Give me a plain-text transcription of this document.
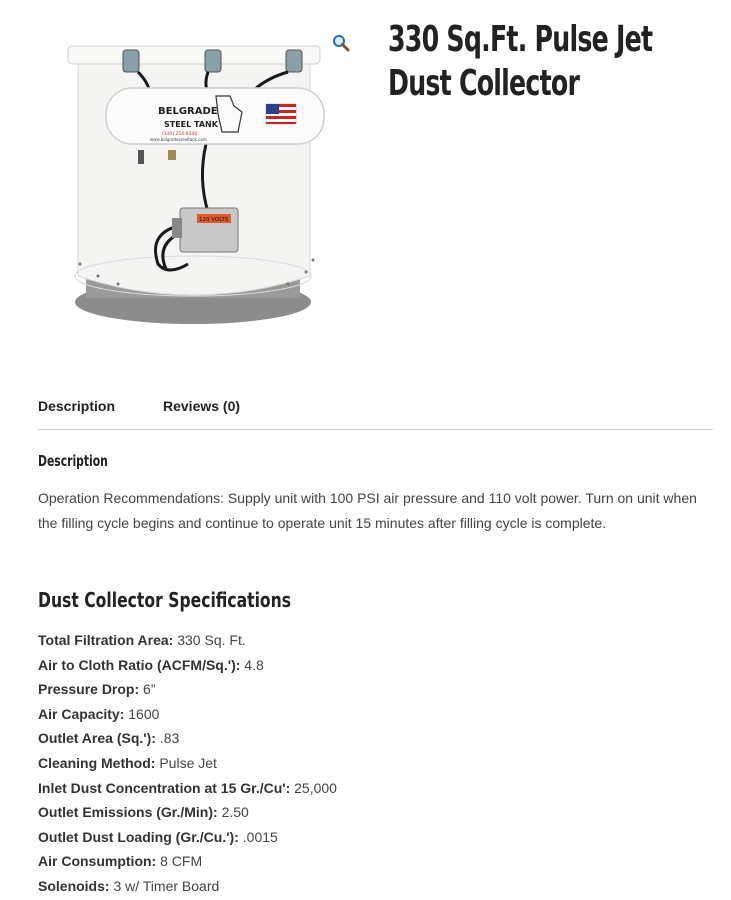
BELGRADE
STEEL TANK
(330) 254-8346
www.belgradesteeltank.com
120 VOLTS
330 Sq.Ft. Pulse Jet Dust Collector
Description	Reviews (0)
Description

Operation Recommendations: Supply unit with 100 PSI air pressure and 110 volt power. Turn on unit when the filling cycle begins and continue to operate unit 15 minutes after filling cycle is complete.

Dust Collector Specifications
Total Filtration Area: 330 Sq. Ft.
Air to Cloth Ratio (ACFM/Sq.'): 4.8
Pressure Drop: 6”
Air Capacity: 1600
Outlet Area (Sq.'): .83
Cleaning Method: Pulse Jet
Inlet Dust Concentration at 15 Gr./Cu': 25,000
Outlet Emissions (Gr./Min): 2.50
Outlet Dust Loading (Gr./Cu.'): .0015
Air Consumption: 8 CFM
Solenoids: 3 w/ Timer Board
